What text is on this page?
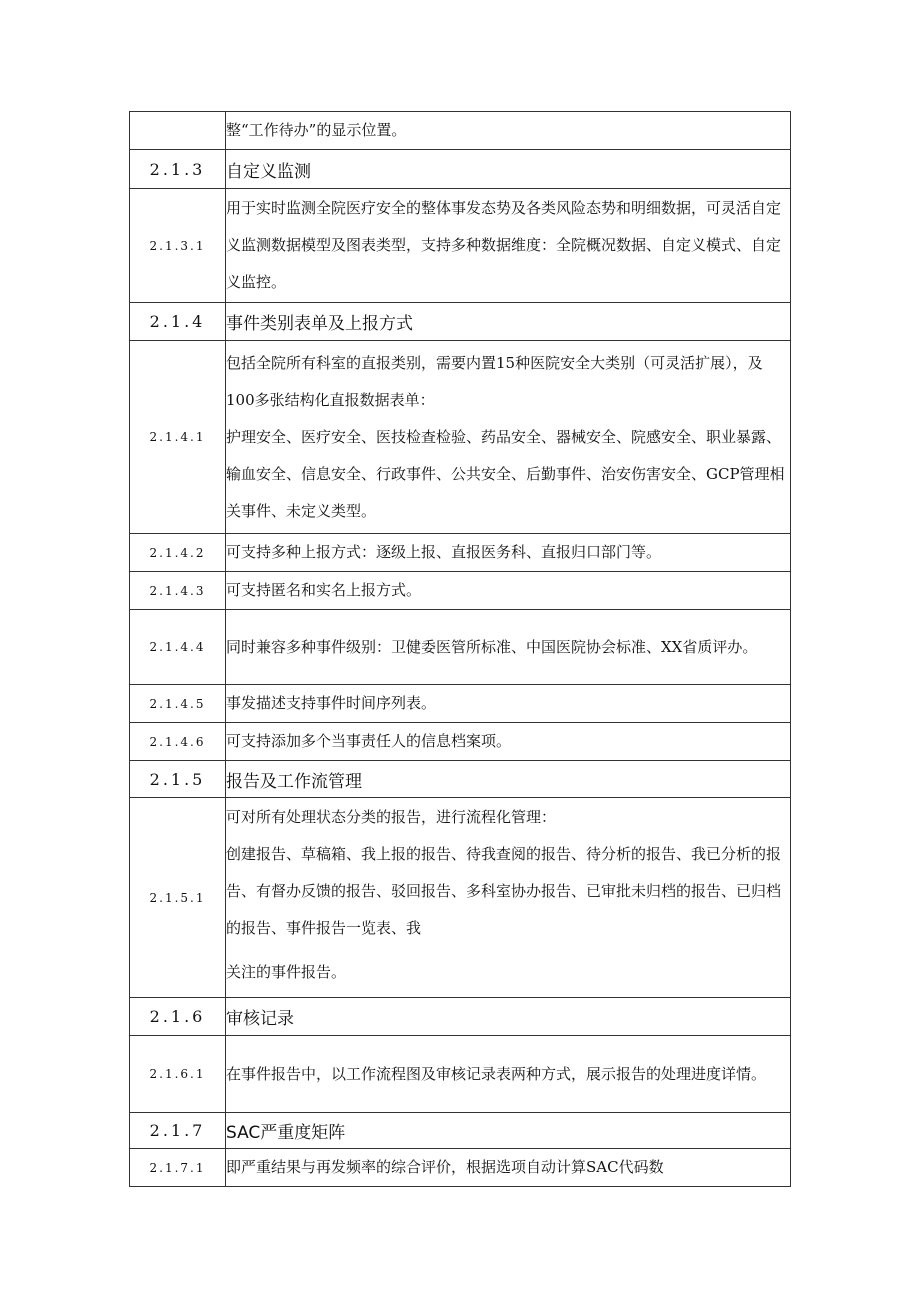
	整“工作待办”的显示位置。

2.1.3	自定义监测
2.1.3.1	用于实时监测全院医疗安全的整体事发态势及各类风险态势和明细数据，可灵活自定义监测数据模型及图表类型，支持多种数据维度：全院概况数据、自定义模式、自定义监控。

2.1.4	事件类别表单及上报方式
2.1.4.1	包括全院所有科室的直报类别，需要内置15种医院安全大类别（可灵活扩展），及100多张结构化直报数据表单：

护理安全、医疗安全、医技检查检验、药品安全、器械安全、院感安全、职业暴露、输血安全、信息安全、行政事件、公共安全、后勤事件、治安伤害安全、GCP管理相关事件、未定义类型。

2.1.4.2	可支持多种上报方式：逐级上报、直报医务科、直报归口部门等。

2.1.4.3	可支持匿名和实名上报方式。

2.1.4.4	同时兼容多种事件级别：卫健委医管所标准、中国医院协会标准、XX省质评办。

2.1.4.5	事发描述支持事件时间序列表。

2.1.4.6	可支持添加多个当事责任人的信息档案项。

2.1.5	报告及工作流管理
2.1.5.1	可对所有处理状态分类的报告，进行流程化管理：

创建报告、草稿箱、我上报的报告、待我查阅的报告、待分析的报告、我已分析的报告、有督办反馈的报告、驳回报告、多科室协办报告、已审批未归档的报告、已归档的报告、事件报告一览表、我

关注的事件报告。

2.1.6	审核记录
2.1.6.1	在事件报告中，以工作流程图及审核记录表两种方式，展示报告的处理进度详情。

2.1.7	SAC严重度矩阵
2.1.7.1	即严重结果与再发频率的综合评价，根据选项自动计算SAC代码数
